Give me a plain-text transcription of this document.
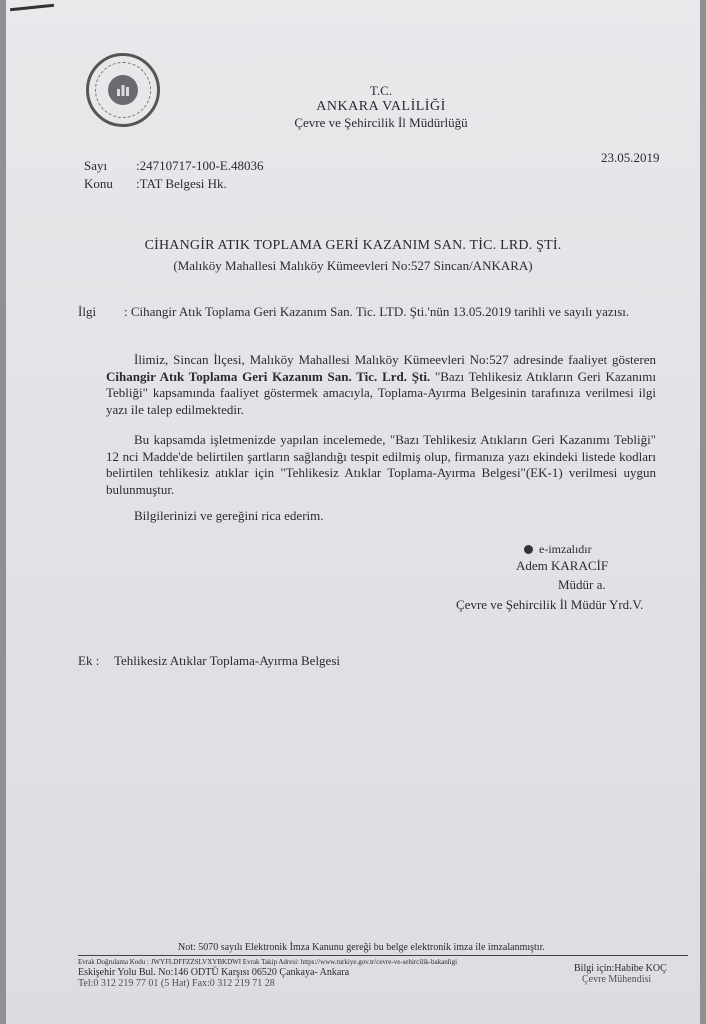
T.C.
ANKARA VALİLİĞİ
Çevre ve Şehircilik İl Müdürlüğü
Sayı :24710717-100-E.48036
Konu :TAT Belgesi Hk.
23.05.2019
CİHANGİR ATIK TOPLAMA GERİ KAZANIM SAN. TİC. LRD. ŞTİ.
(Malıköy Mahallesi Malıköy Kümeevleri No:527 Sincan/ANKARA)
İlgi : Cihangir Atık Toplama Geri Kazanım San. Tic. LTD. Şti.'nün 13.05.2019 tarihli ve sayılı yazısı.
İlimiz, Sincan İlçesi, Malıköy Mahallesi Malıköy Kümeevleri No:527 adresinde faaliyet gösteren Cihangir Atık Toplama Geri Kazanım San. Tic. Lrd. Şti. "Bazı Tehlikesiz Atıkların Geri Kazanımı Tebliği" kapsamında faaliyet göstermek amacıyla, Toplama-Ayırma Belgesinin tarafınıza verilmesi ilgi yazı ile talep edilmektedir.
Bu kapsamda işletmenizde yapılan incelemede, "Bazı Tehlikesiz Atıkların Geri Kazanımı Tebliği" 12 nci Madde'de belirtilen şartların sağlandığı tespit edilmiş olup, firmanıza yazı ekindeki listede kodları belirtilen tehlikesiz atıklar için "Tehlikesiz Atıklar Toplama-Ayırma Belgesi"(EK-1) verilmesi uygun bulunmuştur.
Bilgilerinizi ve gereğini rica ederim.
e-imzalıdır
Adem KARACİF
Müdür a.
Çevre ve Şehircilik İl Müdür Yrd.V.
Ek : Tehlikesiz Atıklar Toplama-Ayırma Belgesi
Not: 5070 sayılı Elektronik İmza Kanunu gereği bu belge elektronik imza ile imzalanmıştır.
Evrak Doğrulama Kodu : JWYFLDFFZZSLVXYBKDWI Evrak Takip Adresi: https://www.turkiye.gov.tr/cevre-ve-sehircilik-bakanligi
Eskişehir Yolu Bul. No:146 ODTÜ Karşısı 06520 Çankaya- Ankara
Tel:0 312 219 77 01 (5 Hat) Fax:0 312 219 71 28
Bilgi için:Habibe KOÇ
Çevre Mühendisi
